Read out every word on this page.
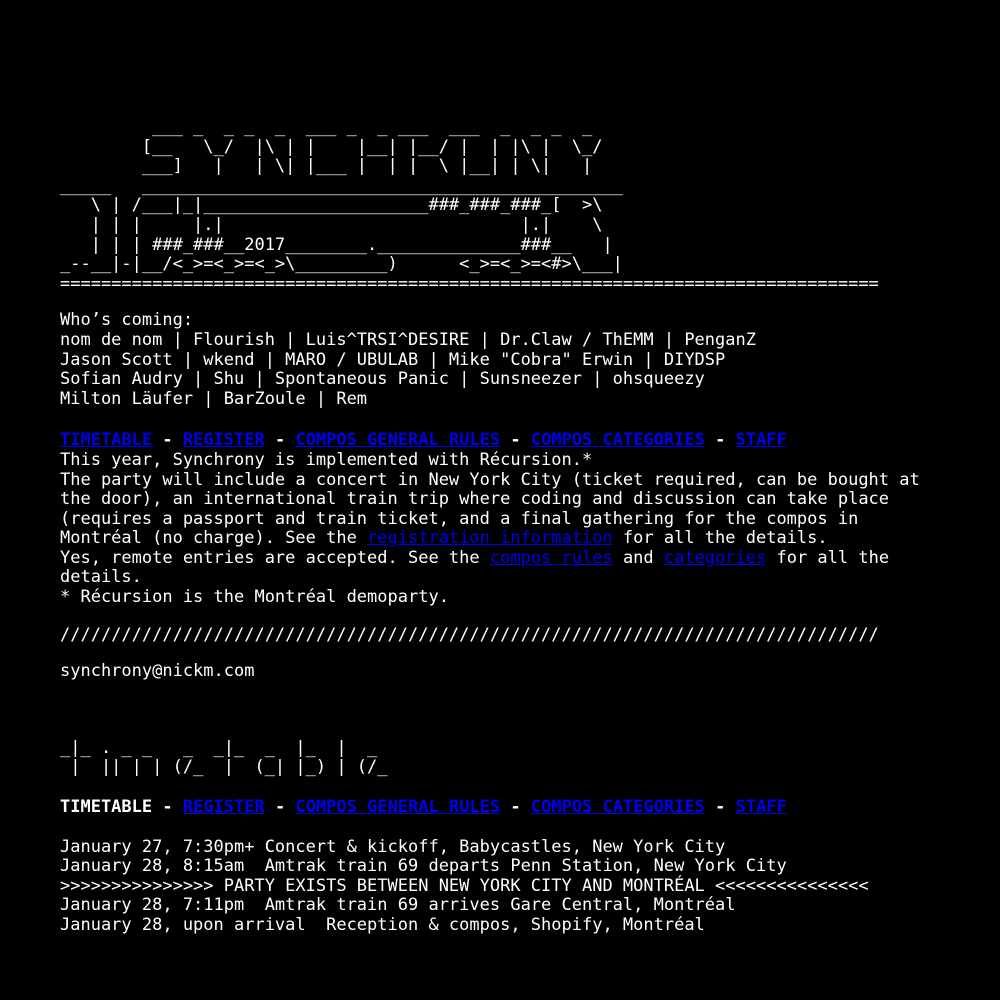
___ _  _ _  _  ___ _  _ ___  ___  _  _ _  _
[__   \_/  |\ | |    |__| |__/ |  | |\ |  \_/
___]   |   | \| |___ |  | |  \ |__| | \|   |
_____   _______________________________________________
\ | /___|_|______________________###_###_###_[  >\
| | |     |.|                             |.|    \
| | | ###_###__2017________.______________###__   |
_--__|-|__/<_>=<_>=<_>\_________)      <_>=<_>=<#>\___|
================================================================================
Who’s coming:
nom de nom | Flourish | Luis^TRSI^DESIRE | Dr.Claw / ThEMM | PenganZ
Jason Scott | wkend | MARO / UBULAB | Mike "Cobra" Erwin | DIYDSP
Sofian Audry | Shu | Spontaneous Panic | Sunsneezer | ohsqueezy
Milton Läufer | BarZoule | Rem
TIMETABLE - REGISTER - COMPOS GENERAL RULES - COMPOS CATEGORIES - STAFF

This year, Synchrony is implemented with Récursion.*

The party will include a concert in New York City (ticket required, can be bought at the door), an international train trip where coding and discussion can take place (requires a passport and train ticket, and a final gathering for the compos in Montréal (no charge). See the registration information for all the details.

Yes, remote entries are accepted. See the compos rules and categories for all the details.

* Récursion is the Montréal demoparty.

////////////////////////////////////////////////////////////////////////////////
synchrony@nickm.com
_|_ . _ _   _  _|_  _  |_  |  _
|  || | | (/_  |  (_| |_) | (/_
TIMETABLE - REGISTER - COMPOS GENERAL RULES - COMPOS CATEGORIES - STAFF
January 27, 7:30pm+ Concert & kickoff, Babycastles, New York City
January 28, 8:15am  Amtrak train 69 departs Penn Station, New York City
>>>>>>>>>>>>>>> PARTY EXISTS BETWEEN NEW YORK CITY AND MONTRÉAL <<<<<<<<<<<<<<<
January 28, 7:11pm  Amtrak train 69 arrives Gare Central, Montréal
January 28, upon arrival  Reception & compos, Shopify, Montréal
